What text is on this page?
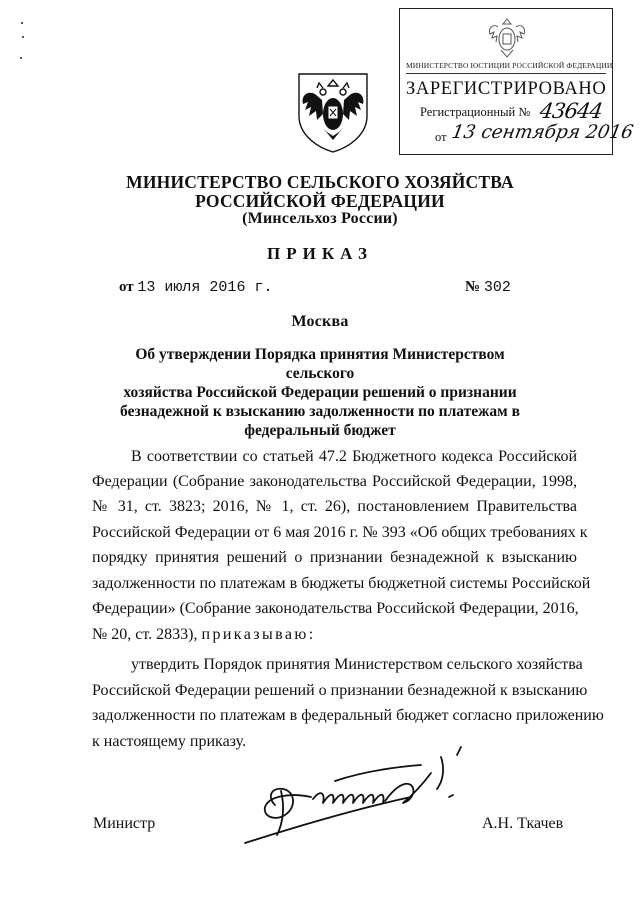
МИНИСТЕРСТВО ЮСТИЦИИ РОССИЙСКОЙ ФЕДЕРАЦИИ
ЗАРЕГИСТРИРОВАНО
Регистрационный № 43644
от 13 сентября 2016
МИНИСТЕРСТВО СЕЛЬСКОГО ХОЗЯЙСТВА
РОССИЙСКОЙ ФЕДЕРАЦИИ
(Минсельхоз России)
ПРИКАЗ
от 13 июля 2016 г.	№ 302
Москва
Об утверждении Порядка принятия Министерством сельского
хозяйства Российской Федерации решений о признании
безнадежной к взысканию задолженности по платежам в
федеральный бюджет
В соответствии со статьей 47.2 Бюджетного кодекса Российской
Федерации (Собрание законодательства Российской Федерации, 1998,
№ 31, ст. 3823; 2016, № 1, ст. 26), постановлением Правительства
Российской Федерации от 6 мая 2016 г. № 393 «Об общих требованиях к
порядку принятия решений о признании безнадежной к взысканию
задолженности по платежам в бюджеты бюджетной системы Российской
Федерации» (Собрание законодательства Российской Федерации, 2016,
№ 20, ст. 2833), приказываю:
утвердить Порядок принятия Министерством сельского хозяйства
Российской Федерации решений о признании безнадежной к взысканию
задолженности по платежам в федеральный бюджет согласно приложению
к настоящему приказу.
Министр	А.Н. Ткачев
